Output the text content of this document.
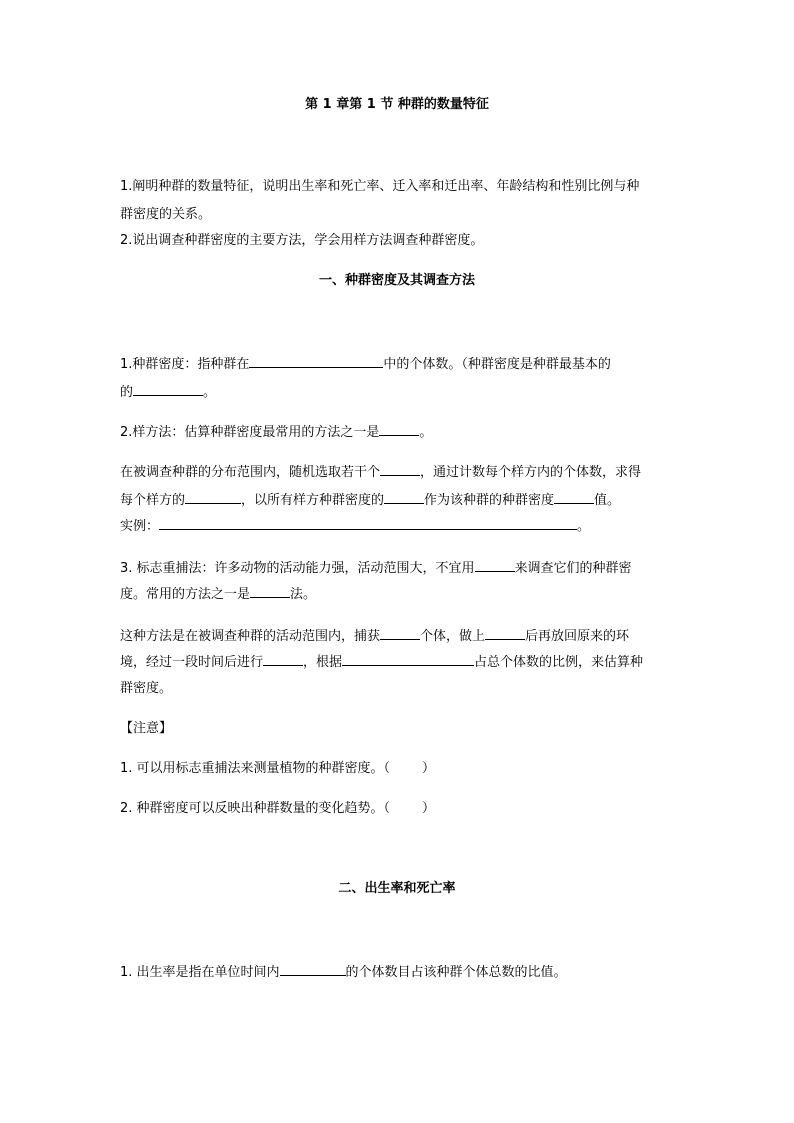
第 1 章第 1 节 种群的数量特征
1.阐明种群的数量特征，说明出生率和死亡率、迁入率和迁出率、年龄结构和性别比例与种
群密度的关系。
2.说出调查种群密度的主要方法，学会用样方法调查种群密度。
一、种群密度及其调查方法
1.种群密度：指种群在	中的个体数。（种群密度是种群最基本的
的	。
2.样方法：估算种群密度最常用的方法之一是	。
在被调查种群的分布范围内，随机选取若干个	，通过计数每个样方内的个体数，求得
每个样方的	，以所有样方种群密度的	作为该种群的种群密度	值。
实例：	。
3. 标志重捕法：许多动物的活动能力强，活动范围大，不宜用	来调查它们的种群密
度。常用的方法之一是	法。
这种方法是在被调查种群的活动范围内，捕获	个体，做上	后再放回原来的环
境，经过一段时间后进行	，根据	占总个体数的比例，来估算种
群密度。
【注意】
1. 可以用标志重捕法来测量植物的种群密度。（ ）
2. 种群密度可以反映出种群数量的变化趋势。（ ）
二、出生率和死亡率
1. 出生率是指在单位时间内	的个体数目占该种群个体总数的比值。
